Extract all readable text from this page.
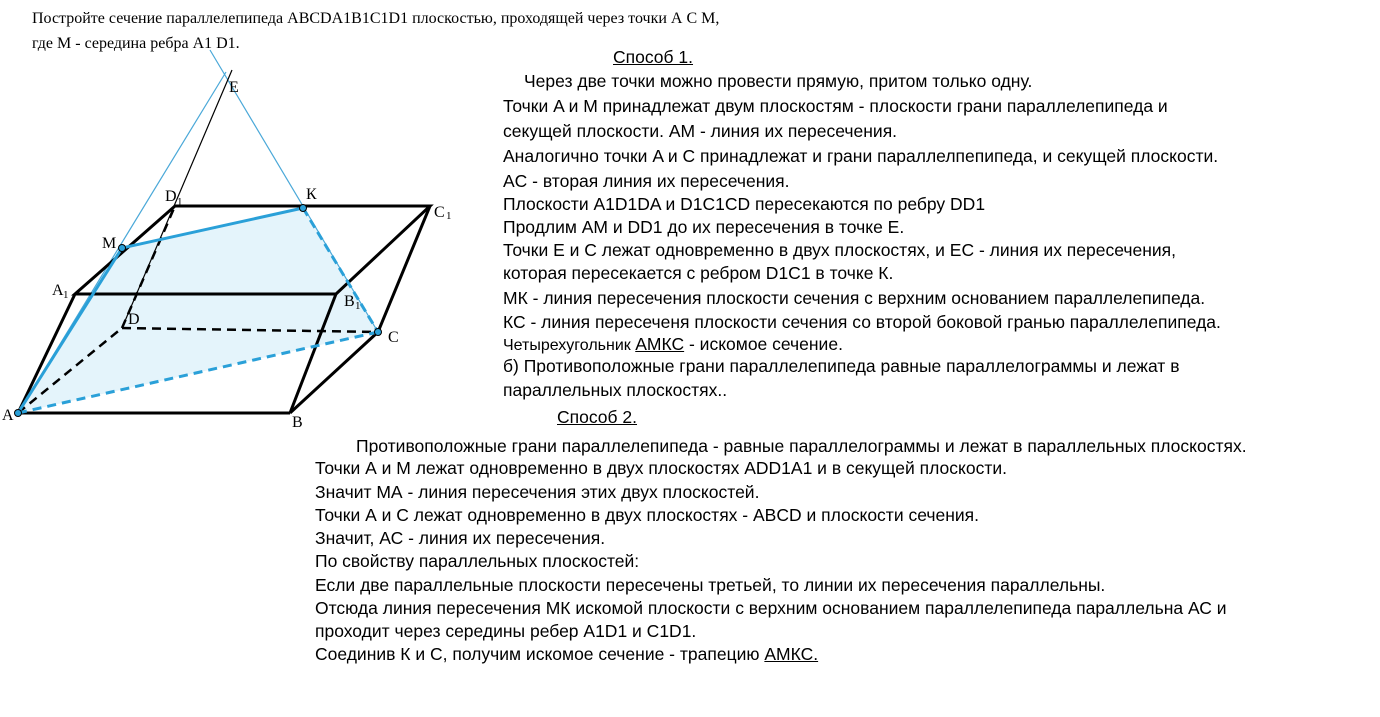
Постройте сечение параллелепипеда ABCDA1B1C1D1 плоскостью, проходящей через точки А С М,
где М - середина ребра A1 D1.
E
D 1	К
C 1
M
A 1	B 1
D
C
A	B
Способ 1.
Через две точки можно провести прямую, притом только одну.
Точки A и M принадлежат двум плоскостям - плоскости грани параллелепипеда и
секущей плоскости. AM - линия их пересечения.
Аналогично точки A и C принадлежат и грани параллелпепипеда, и секущей плоскости.
AC - вторая линия их пересечения.
Плоскости A1D1DA и D1C1CD пересекаются по ребру DD1
Продлим AM и DD1 до их пересечения в точке Е.
Точки Е и С лежат одновременно в двух плоскостях, и ЕС - линия их пересечения,
которая пересекается с ребром D1C1 в точке К.
МК - линия пересечения плоскости сечения с верхним основанием параллелепипеда.
КС - линия пересеченя плоскости сечения со второй боковой гранью параллелепипеда.
Четырехугольник АМКС - искомое сечение.
б) Противоположные грани параллелепипеда равные параллелограммы и лежат в
параллельных плоскостях..
Способ 2.
Противоположные грани параллелепипеда - равные параллелограммы и лежат в параллельных плоскостях.
Точки А и М лежат одновременно в двух плоскостях ADD1A1 и в секущей плоскости.
Значит МА - линия пересечения этих двух плоскостей.
Точки А и С лежат одновременно в двух плоскостях - ABCD и плоскости сечения.
Значит, АС - линия их пересечения.
По свойству параллельных плоскостей:
Если две параллельные плоскости пересечены третьей, то линии их пересечения параллельны.
Отсюда линия пересечения МК искомой плоскости с верхним основанием параллелепипеда параллельна АС и
проходит через середины ребер A1D1 и C1D1.
Соединив К и С, получим искомое сечение - трапецию АМКС.
